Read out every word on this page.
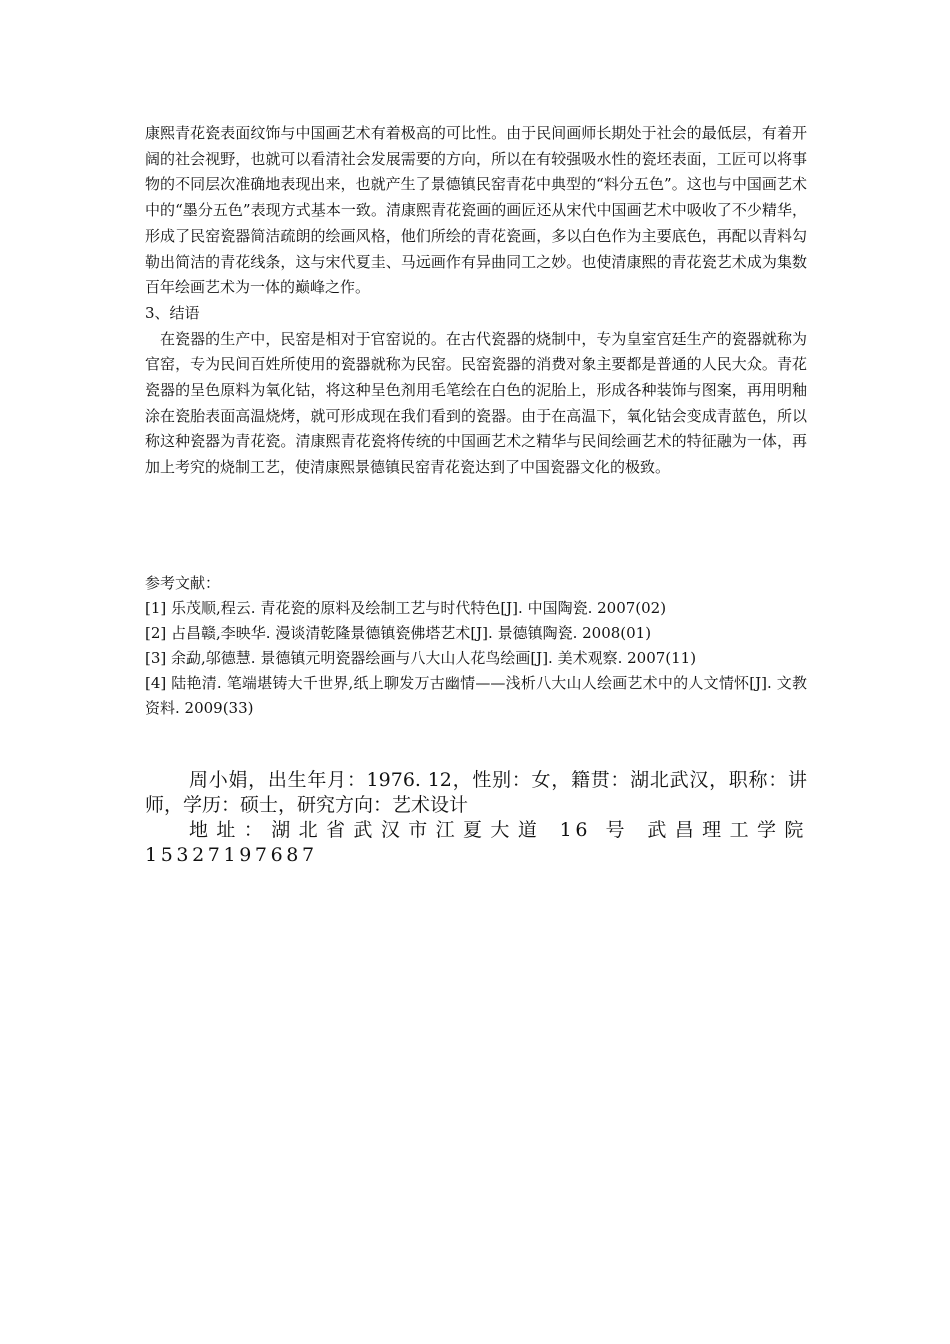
康熙青花瓷表面纹饰与中国画艺术有着极高的可比性。由于民间画师长期处于社会的最低层，有着开阔的社会视野，也就可以看清社会发展需要的方向，所以在有较强吸水性的瓷坯表面，工匠可以将事物的不同层次准确地表现出来，也就产生了景德镇民窑青花中典型的“料分五色”。这也与中国画艺术中的“墨分五色”表现方式基本一致。清康熙青花瓷画的画匠还从宋代中国画艺术中吸收了不少精华，形成了民窑瓷器简洁疏朗的绘画风格，他们所绘的青花瓷画，多以白色作为主要底色，再配以青料勾勒出简洁的青花线条，这与宋代夏圭、马远画作有异曲同工之妙。也使清康熙的青花瓷艺术成为集数百年绘画艺术为一体的巅峰之作。

3、结语

在瓷器的生产中，民窑是相对于官窑说的。在古代瓷器的烧制中，专为皇室宫廷生产的瓷器就称为官窑，专为民间百姓所使用的瓷器就称为民窑。民窑瓷器的消费对象主要都是普通的人民大众。青花瓷器的呈色原料为氧化钴，将这种呈色剂用毛笔绘在白色的泥胎上，形成各种装饰与图案，再用明釉涂在瓷胎表面高温烧烤，就可形成现在我们看到的瓷器。由于在高温下，氧化钴会变成青蓝色，所以称这种瓷器为青花瓷。清康熙青花瓷将传统的中国画艺术之精华与民间绘画艺术的特征融为一体，再加上考究的烧制工艺，使清康熙景德镇民窑青花瓷达到了中国瓷器文化的极致。

参考文献：

[1] 乐茂顺,程云. 青花瓷的原料及绘制工艺与时代特色[J]. 中国陶瓷. 2007(02)

[2] 占昌赣,李映华. 漫谈清乾隆景德镇瓷佛塔艺术[J]. 景德镇陶瓷. 2008(01)

[3] 余勐,邬德慧. 景德镇元明瓷器绘画与八大山人花鸟绘画[J]. 美术观察. 2007(11)

[4] 陆艳清. 笔端堪铸大千世界,纸上聊发万古幽情——浅析八大山人绘画艺术中的人文情怀[J]. 文教资料. 2009(33)

周小娟，出生年月：1976. 12，性别：女，籍贯：湖北武汉，职称：讲师，学历：硕士，研究方向：艺术设计

地址：湖北省武汉市江夏大道 16 号 武昌理工学院 15327197687
